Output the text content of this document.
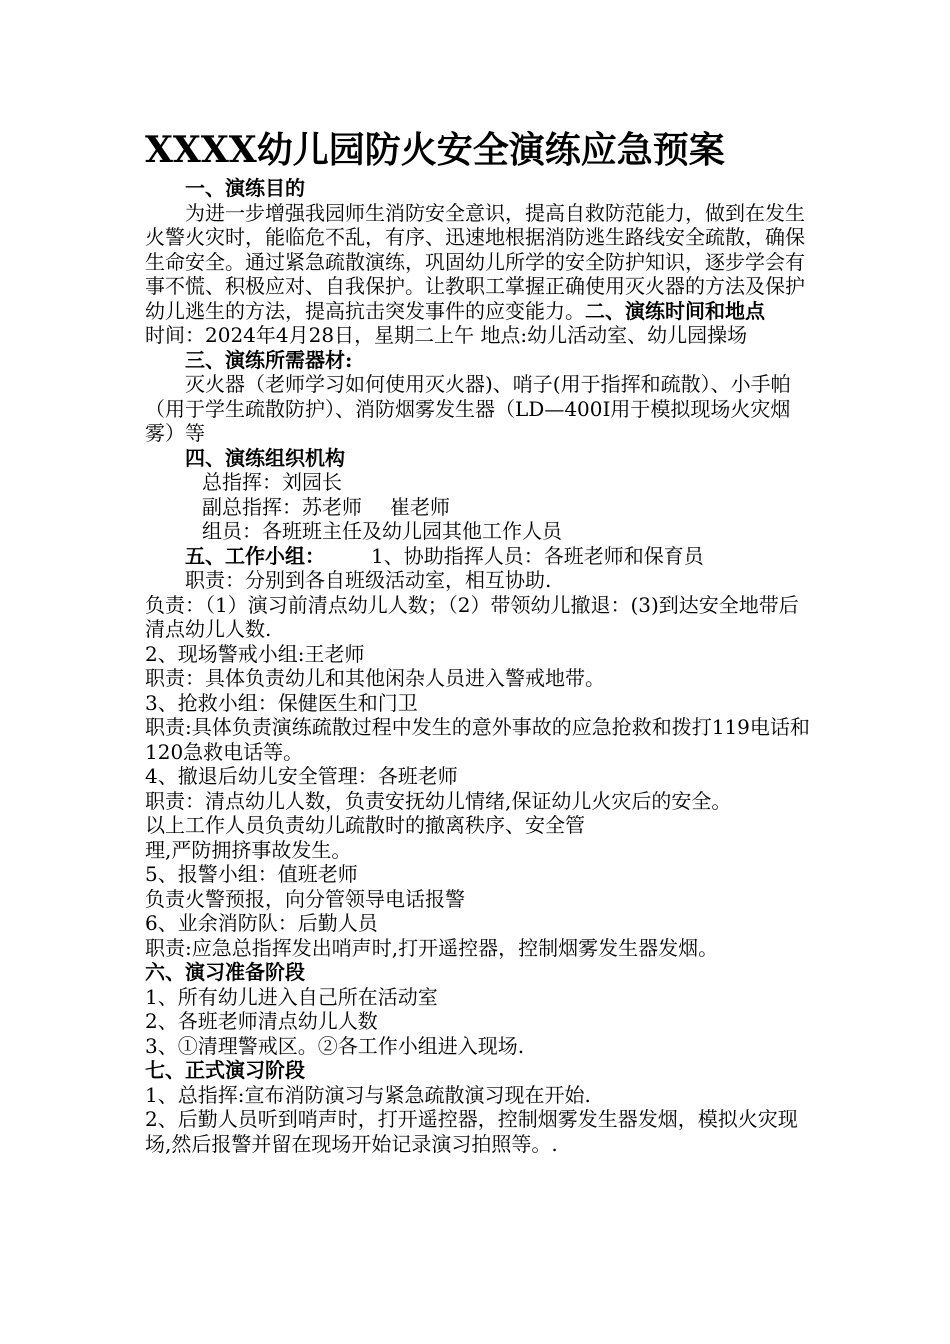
XXXX幼儿园防火安全演练应急预案

一、演练目的

为进一步增强我园师生消防安全意识，提高自救防范能力，做到在发生火警火灾时，能临危不乱，有序、迅速地根据消防逃生路线安全疏散，确保生命安全。通过紧急疏散演练，巩固幼儿所学的安全防护知识，逐步学会有事不慌、积极应对、自我保护。让教职工掌握正确使用灭火器的方法及保护幼儿逃生的方法，提高抗击突发事件的应变能力。二、演练时间和地点

时间：2024年4月28日，星期二上午 地点:幼儿活动室、幼儿园操场

三、演练所需器材:

灭火器（老师学习如何使用灭火器)、哨子(用于指挥和疏散）、小手帕（用于学生疏散防护）、消防烟雾发生器（LD—400I用于模拟现场火灾烟雾）等

四、演练组织机构

总指挥：刘园长

副总指挥：苏老师 崔老师

组员：各班班主任及幼儿园其他工作人员

五、工作小组： 1、协助指挥人员：各班老师和保育员

职责：分别到各自班级活动室，相互协助.

负责：（1）演习前清点幼儿人数；（2）带领幼儿撤退：(3)到达安全地带后清点幼儿人数.

2、现场警戒小组:王老师

职责：具体负责幼儿和其他闲杂人员进入警戒地带。

3、抢救小组：保健医生和门卫

职责:具体负责演练疏散过程中发生的意外事故的应急抢救和拨打119电话和120急救电话等。

4、撤退后幼儿安全管理：各班老师

职责：清点幼儿人数，负责安抚幼儿情绪,保证幼儿火灾后的安全。

以上工作人员负责幼儿疏散时的撤离秩序、安全管

理,严防拥挤事故发生。

5、报警小组：值班老师

负责火警预报，向分管领导电话报警

6、业余消防队：后勤人员

职责:应急总指挥发出哨声时,打开遥控器，控制烟雾发生器发烟。

六、演习准备阶段

1、所有幼儿进入自己所在活动室

2、各班老师清点幼儿人数

3、①清理警戒区。②各工作小组进入现场.

七、正式演习阶段

1、总指挥:宣布消防演习与紧急疏散演习现在开始.

2、后勤人员听到哨声时，打开遥控器，控制烟雾发生器发烟，模拟火灾现场,然后报警并留在现场开始记录演习拍照等。.
